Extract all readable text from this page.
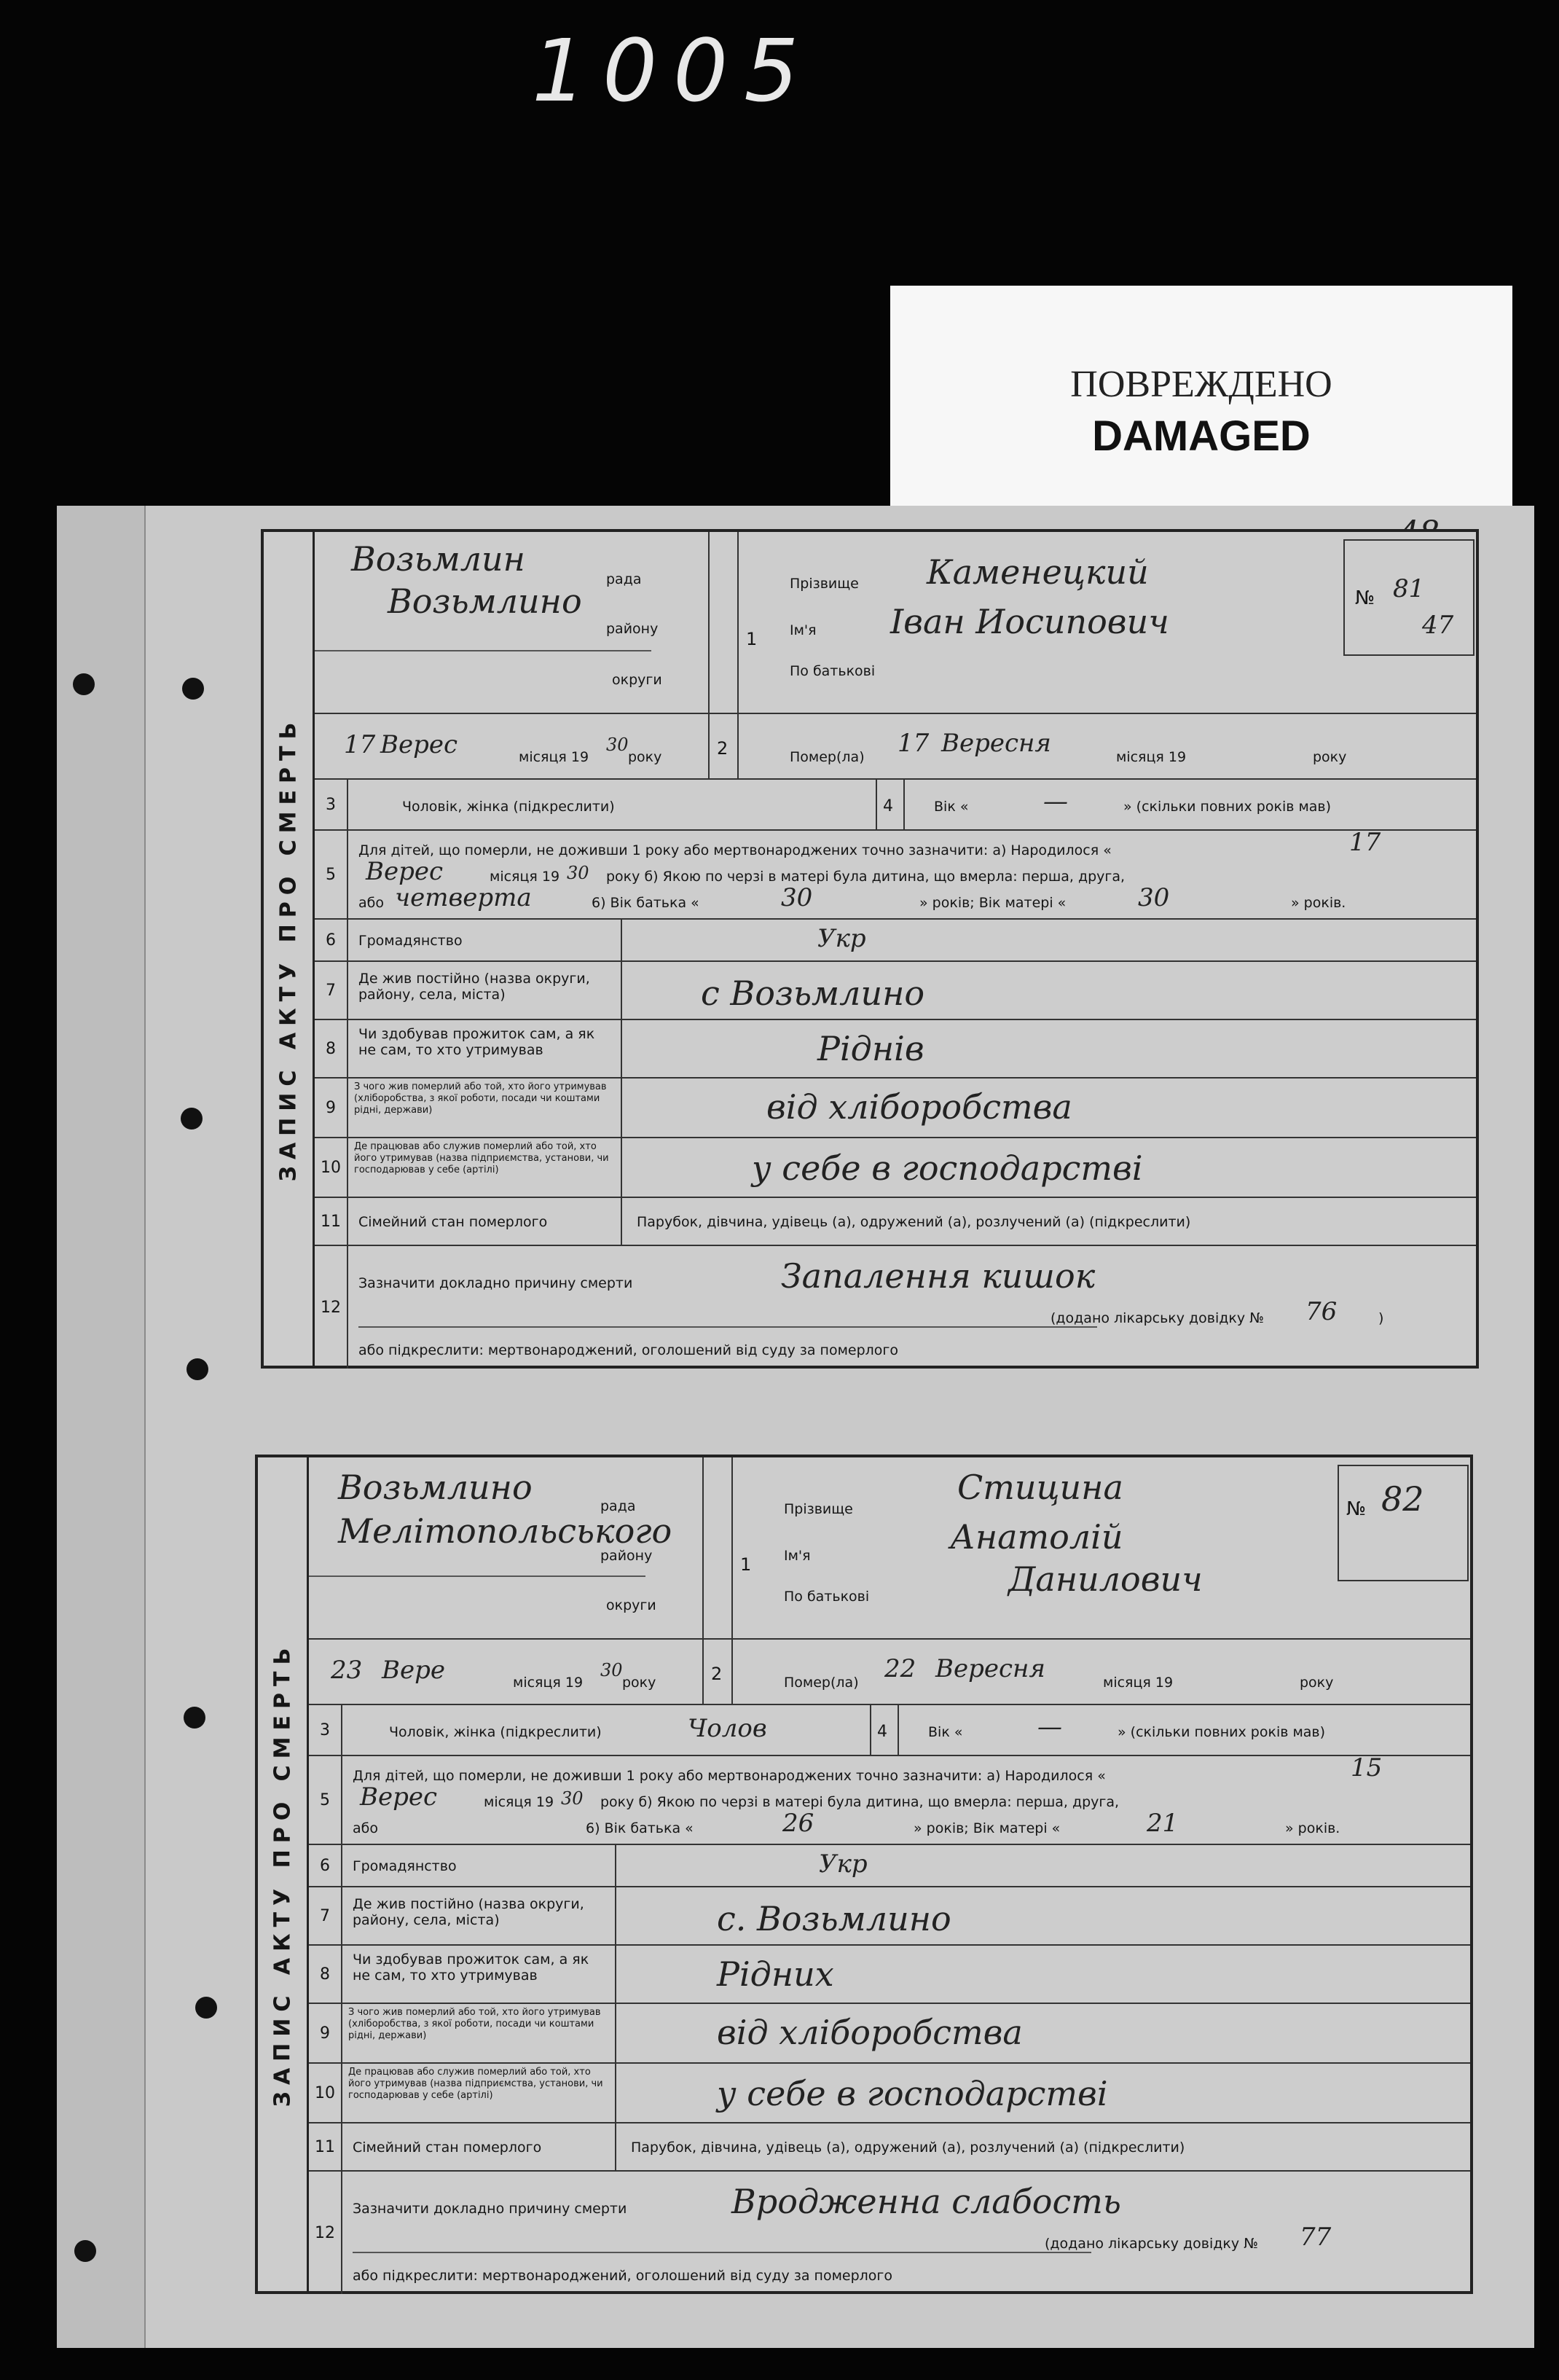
1005
ПОВРЕЖДЕНО
DAMAGED
ЗАПИС АКТУ ПРО СМЕРТЬ
Возьмлин
рада
Возьмлино
району
округи
1
Прізвище Каменецкий
Ім'я Іван Иосипович
По батькові
№ 81
47
17 Верес	місяця 19
30
року	2	Помер(ла) 17 Вересня	місяця 19	року
3	Чоловік, жінка (підкреслити)	4	Вік «	—	» (скільки повних років мав)
5
Для дітей, що померли, не доживши 1 року або мертвонароджених точно зазначити: а) Народилося «	17
Верес	місяця 19 30 року б) Якою по черзі в матері була дитина, що вмерла: перша, друга,
або четверта	6) Вік батька «	30	» років; Вік матері «	30	» років.
6	Громадянство	Укр
7
Де жив постійно (назва округи, району, села, міста)	с Возьмлино
8
Чи здобував прожиток сам, а як не сам, то хто утримував	Ріднів
9
З чого жив померлий або той, хто його утримував (хліборобства, з якої роботи, посади чи коштами рідні, держави)	від хліборобства
10
Де працював або служив померлий або той, хто його утримував (назва підприємства, установи, чи господарював у себе (артілі)	у себе в господарстві
11	Сімейний стан померлого	Парубок, дівчина, удівець (а), одружений (а), розлучений (а) (підкреслити)
12
Зазначити докладно причину смерти	Запалення кишок
(додано лікарську довідку № 76	)
або підкреслити: мертвонароджений, оголошений від суду за померлого
ЗАПИС АКТУ ПРО СМЕРТЬ
Возьмлино	рада
Мелітопольського
району
округи
1
Прізвище
Стицина
Ім'я	Анатолій
По батькові	Данилович
№ 82
23 Вере	місяця 19
30
року	2	Помер(ла) 22 Вересня	місяця 19	року
3	Чоловік, жінка (підкреслити)	Чолов	4	Вік «	—	» (скільки повних років мав)
5
Для дітей, що померли, не доживши 1 року або мертвонароджених точно зазначити: а) Народилося «	15
Верес	місяця 19 30 року б) Якою по черзі в матері була дитина, що вмерла: перша, друга,
або	6) Вік батька «	26	» років; Вік матері «	21	» років.
6	Громадянство	Укр
7
Де жив постійно (назва округи, району, села, міста)	с. Возьмлино
8
Чи здобував прожиток сам, а як не сам, то хто утримував	Рідних
9
З чого жив померлий або той, хто його утримував (хліборобства, з якої роботи, посади чи коштами рідні, держави)	від хліборобства
10
Де працював або служив померлий або той, хто його утримував (назва підприємства, установи, чи господарював у себе (артілі)	у себе в господарстві
11	Сімейний стан померлого	Парубок, дівчина, удівець (а), одружений (а), розлучений (а) (підкреслити)
12
Зазначити докладно причину смерти	Вродженна слабость
(додано лікарську довідку № 77
або підкреслити: мертвонароджений, оголошений від суду за померлого
